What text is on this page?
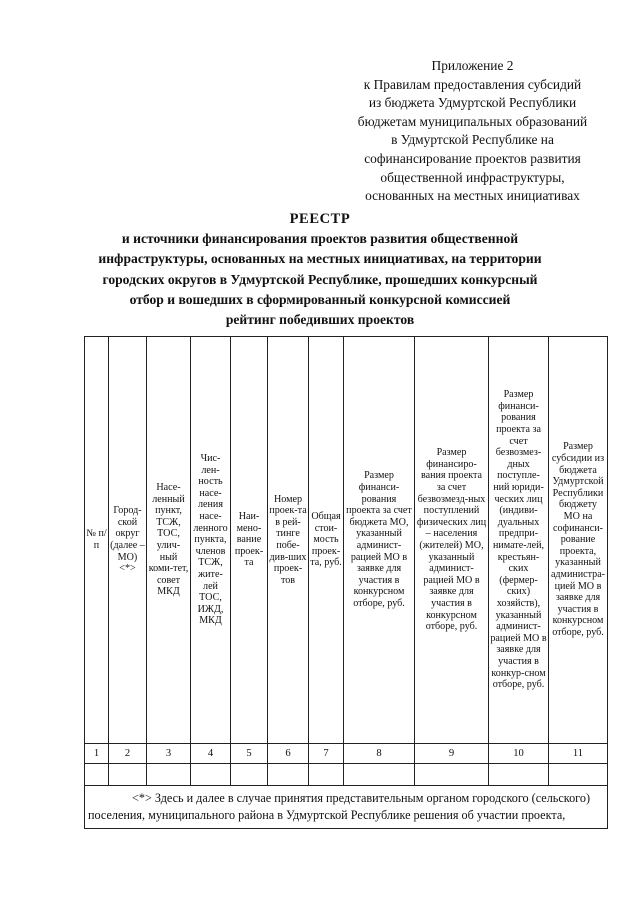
Приложение 2
к Правилам предоставления субсидий
из бюджета Удмуртской Республики
бюджетам муниципальных образований
в Удмуртской Республике на
софинансирование проектов развития
общественной инфраструктуры,
основанных на местных инициативах
РЕЕСТР
и источники финансирования проектов развития общественной
инфраструктуры, основанных на местных инициативах, на территории
городских округов в Удмуртской Республике, прошедших конкурсный
отбор и вошедших в сформированный конкурсной комиссией
рейтинг победивших проектов
№ п/п	Город-ской округ (далее – МО) <*>	Насе-ленный пункт, ТСЖ, ТОС, улич-ный коми-тет, совет МКД	Чис-лен-ность насе-ления насе-ленного пункта, членов ТСЖ, жите-лей ТОС, ИЖД, МКД	Наи-мено-вание проек-та	Номер проек-та в рей-тинге побе-див-ших проек-тов	Общая стои-мость проек-та, руб.	Размер финанси-рования проекта за счет бюджета МО, указанный админист-рацией МО в заявке для участия в конкурсном отборе, руб.	Размер финансиро-вания проекта за счет безвозмезд-ных поступлений физических лиц – населения (жителей) МО, указанный админист-рацией МО в заявке для участия в конкурсном отборе, руб.	Размер финанси-рования проекта за счет безвозмез-дных поступле-ний юриди-ческих лиц (индиви-дуальных предпри-нимате-лей, крестьян-ских (фермер-ских) хозяйств), указанный админист-рацией МО в заявке для участия в конкур-сном отборе, руб.	Размер субсидии из бюджета Удмуртской Республики бюджету МО на софинанси-рование проекта, указанный администра-цией МО в заявке для участия в конкурсном отборе, руб.
1	2	3	4	5	6	7	8	9	10	11

<*> Здесь и далее в случае принятия представительным органом городского (сельского)
поселения, муниципального района в Удмуртской Республике решения об участии проекта,										
